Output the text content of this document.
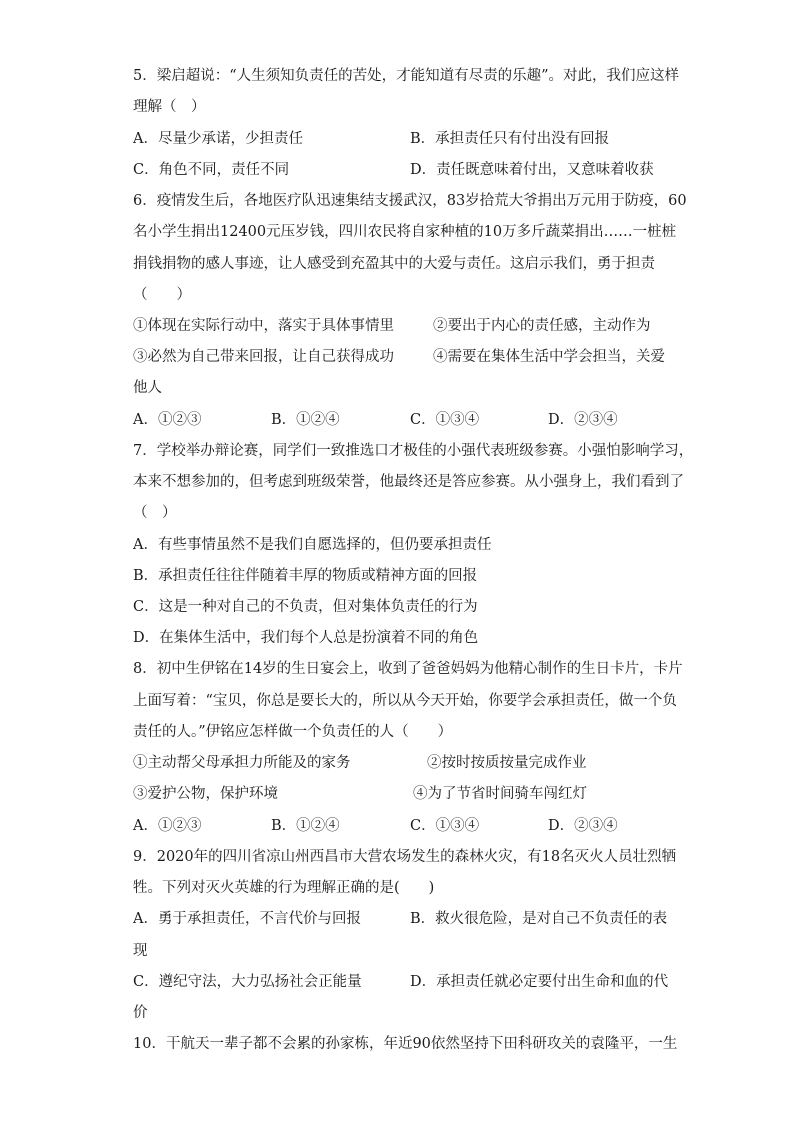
5．梁启超说：“人生须知负责任的苦处，才能知道有尽责的乐趣”。对此，我们应这样
理解（　）
A．尽量少承诺，少担责任	B．承担责任只有付出没有回报
C．角色不同，责任不同	D．责任既意味着付出，又意味着收获
6．疫情发生后，各地医疗队迅速集结支援武汉，83岁拾荒大爷捐出万元用于防疫，60
名小学生捐出12400元压岁钱，四川农民将自家种植的10万多斤蔬菜捐出……一桩桩
捐钱捐物的感人事迹，让人感受到充盈其中的大爱与责任。这启示我们，勇于担责
（　　）
①体现在实际行动中，落实于具体事情里	②要出于内心的责任感，主动作为
③必然为自己带来回报，让自己获得成功	④需要在集体生活中学会担当，关爱
他人
A．①②③	B．①②④	C．①③④	D．②③④
7．学校举办辩论赛，同学们一致推选口才极佳的小强代表班级参赛。小强怕影响学习，
本来不想参加的，但考虑到班级荣誉，他最终还是答应参赛。从小强身上，我们看到了
（　）
A．有些事情虽然不是我们自愿选择的，但仍要承担责任
B．承担责任往往伴随着丰厚的物质或精神方面的回报
C．这是一种对自己的不负责，但对集体负责任的行为
D．在集体生活中，我们每个人总是扮演着不同的角色
8．初中生伊铭在14岁的生日宴会上，收到了爸爸妈妈为他精心制作的生日卡片，卡片
上面写着：“宝贝，你总是要长大的，所以从今天开始，你要学会承担责任，做一个负
责任的人。”伊铭应怎样做一个负责任的人（　　）
①主动帮父母承担力所能及的家务	②按时按质按量完成作业
③爱护公物，保护环境	④为了节省时间骑车闯红灯
A．①②③	B．①②④	C．①③④	D．②③④
9．2020年的四川省凉山州西昌市大营农场发生的森林火灾，有18名灭火人员壮烈牺
牲。下列对灭火英雄的行为理解正确的是(　　)
A．勇于承担责任，不言代价与回报	B．救火很危险，是对自己不负责任的表
现
C．遵纪守法，大力弘扬社会正能量	D．承担责任就必定要付出生命和血的代
价
10．干航天一辈子都不会累的孙家栋，年近90依然坚持下田科研攻关的袁隆平，一生
